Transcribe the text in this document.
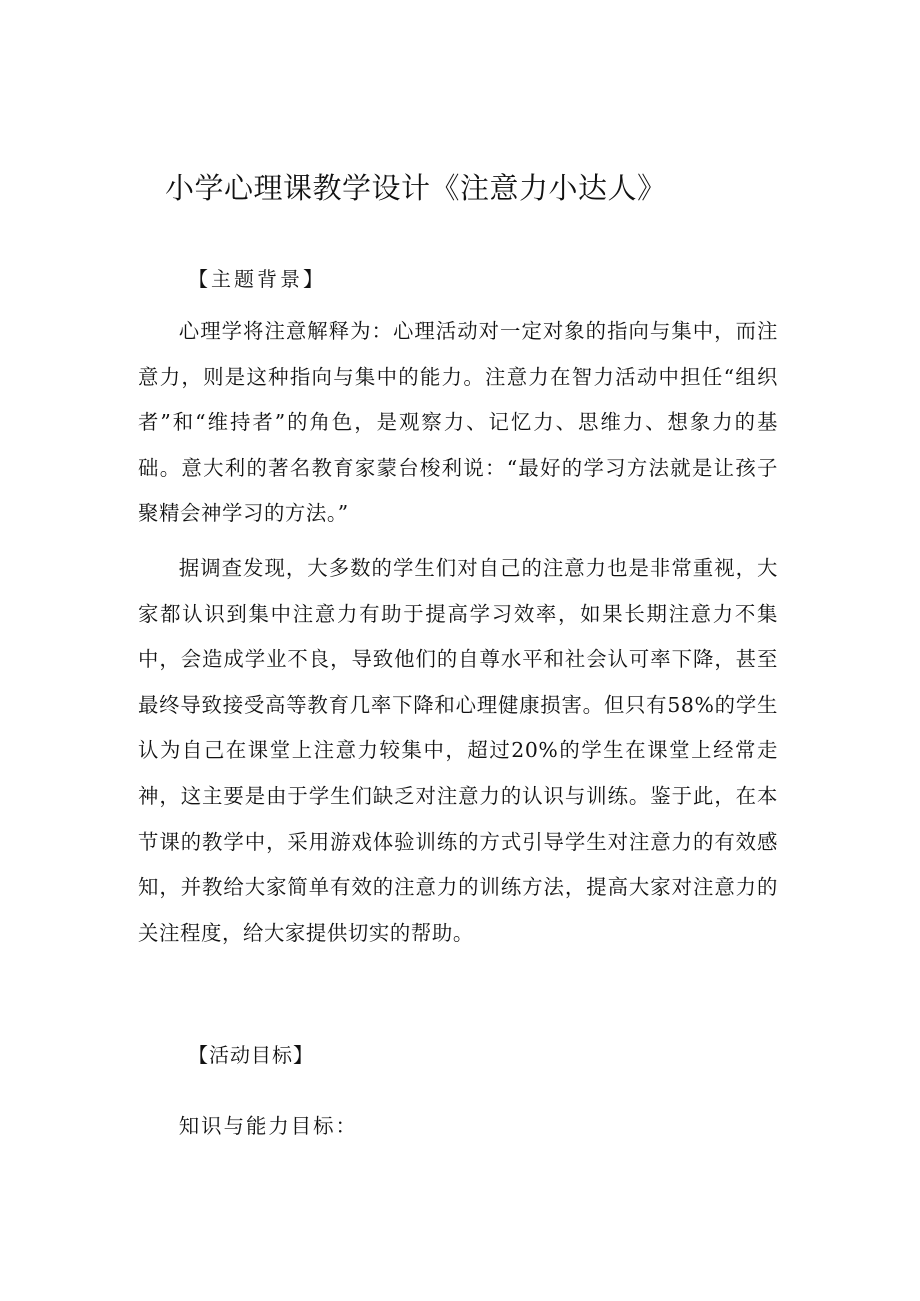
小学心理课教学设计《注意力小达人》
【主题背景】

心理学将注意解释为：心理活动对一定对象的指向与集中，而注意力，则是这种指向与集中的能力。注意力在智力活动中担任“组织者”和“维持者”的角色，是观察力、记忆力、思维力、想象力的基础。意大利的著名教育家蒙台梭利说：“最好的学习方法就是让孩子聚精会神学习的方法。”

据调查发现，大多数的学生们对自己的注意力也是非常重视，大家都认识到集中注意力有助于提高学习效率，如果长期注意力不集中，会造成学业不良，导致他们的自尊水平和社会认可率下降，甚至最终导致接受高等教育几率下降和心理健康损害。但只有58%的学生认为自己在课堂上注意力较集中，超过20%的学生在课堂上经常走神，这主要是由于学生们缺乏对注意力的认识与训练。鉴于此，在本节课的教学中，采用游戏体验训练的方式引导学生对注意力的有效感知，并教给大家简单有效的注意力的训练方法，提高大家对注意力的关注程度，给大家提供切实的帮助。

【活动目标】

知识与能力目标：
